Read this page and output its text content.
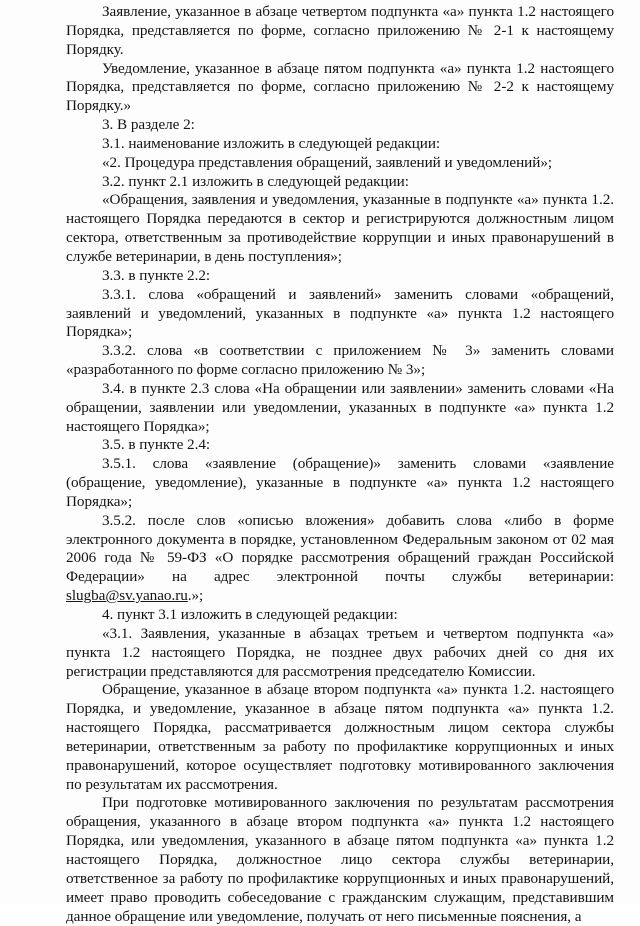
Заявление, указанное в абзаце четвертом подпункта «а» пункта 1.2 настоящего Порядка, представляется по форме, согласно приложению № 2-1 к настоящему Порядку.

Уведомление, указанное в абзаце пятом подпункта «а» пункта 1.2 настоящего Порядка, представляется по форме, согласно приложению № 2-2 к настоящему Порядку.»

3. В разделе 2:

3.1. наименование изложить в следующей редакции:

«2. Процедура представления обращений, заявлений и уведомлений»;

3.2. пункт 2.1 изложить в следующей редакции:

«Обращения, заявления и уведомления, указанные в подпункте «а» пункта 1.2. настоящего Порядка передаются в сектор и регистрируются должностным лицом сектора, ответственным за противодействие коррупции и иных правонарушений в службе ветеринарии, в день поступления»;

3.3. в пункте 2.2:

3.3.1. слова «обращений и заявлений» заменить словами «обращений, заявлений и уведомлений, указанных в подпункте «а» пункта 1.2 настоящего Порядка»;

3.3.2. слова «в соответствии с приложением № 3» заменить словами «разработанного по форме согласно приложению № 3»;

3.4. в пункте 2.3 слова «На обращении или заявлении» заменить словами «На обращении, заявлении или уведомлении, указанных в подпункте «а» пункта 1.2 настоящего Порядка»;

3.5. в пункте 2.4:

3.5.1. слова «заявление (обращение)» заменить словами «заявление (обращение, уведомление), указанные в подпункте «а» пункта 1.2 настоящего Порядка»;

3.5.2. после слов «описью вложения» добавить слова «либо в форме электронного документа в порядке, установленном Федеральным законом от 02 мая 2006 года № 59-ФЗ «О порядке рассмотрения обращений граждан Российской Федерации» на адрес электронной почты службы ветеринарии: slugba@sv.yanao.ru.»;

4. пункт 3.1 изложить в следующей редакции:

«3.1. Заявления, указанные в абзацах третьем и четвертом подпункта «а» пункта 1.2 настоящего Порядка, не позднее двух рабочих дней со дня их регистрации представляются для рассмотрения председателю Комиссии.

Обращение, указанное в абзаце втором подпункта «а» пункта 1.2. настоящего Порядка, и уведомление, указанное в абзаце пятом подпункта «а» пункта 1.2. настоящего Порядка, рассматривается должностным лицом сектора службы ветеринарии, ответственным за работу по профилактике коррупционных и иных правонарушений, которое осуществляет подготовку мотивированного заключения по результатам их рассмотрения.

При подготовке мотивированного заключения по результатам рассмотрения обращения, указанного в абзаце втором подпункта «а» пункта 1.2 настоящего Порядка, или уведомления, указанного в абзаце пятом подпункта «а» пункта 1.2 настоящего Порядка, должностное лицо сектора службы ветеринарии, ответственное за работу по профилактике коррупционных и иных правонарушений, имеет право проводить собеседование с гражданским служащим, представившим данное обращение или уведомление, получать от него письменные пояснения, а
